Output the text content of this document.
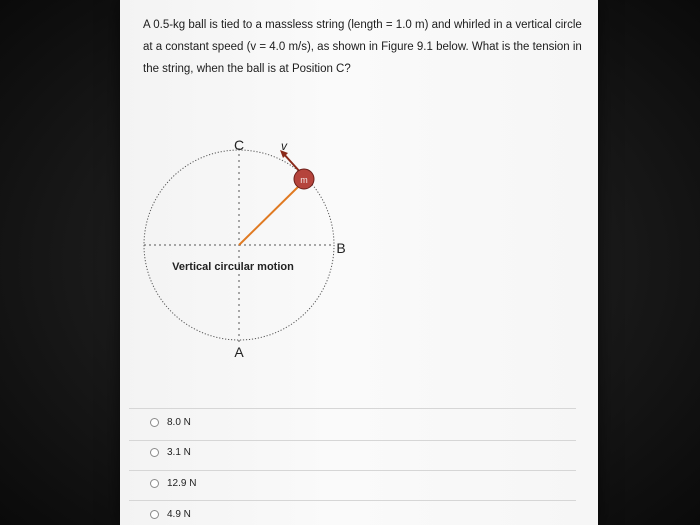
A 0.5-kg ball is tied to a massless string (length = 1.0 m) and whirled in a vertical circle at a constant speed (v = 4.0 m/s), as shown in Figure 9.1 below. What is the tension in the string, when the ball is at Position C?

m
C	v
B
A
Vertical circular motion
8.0 N
3.1 N
12.9 N
4.9 N
